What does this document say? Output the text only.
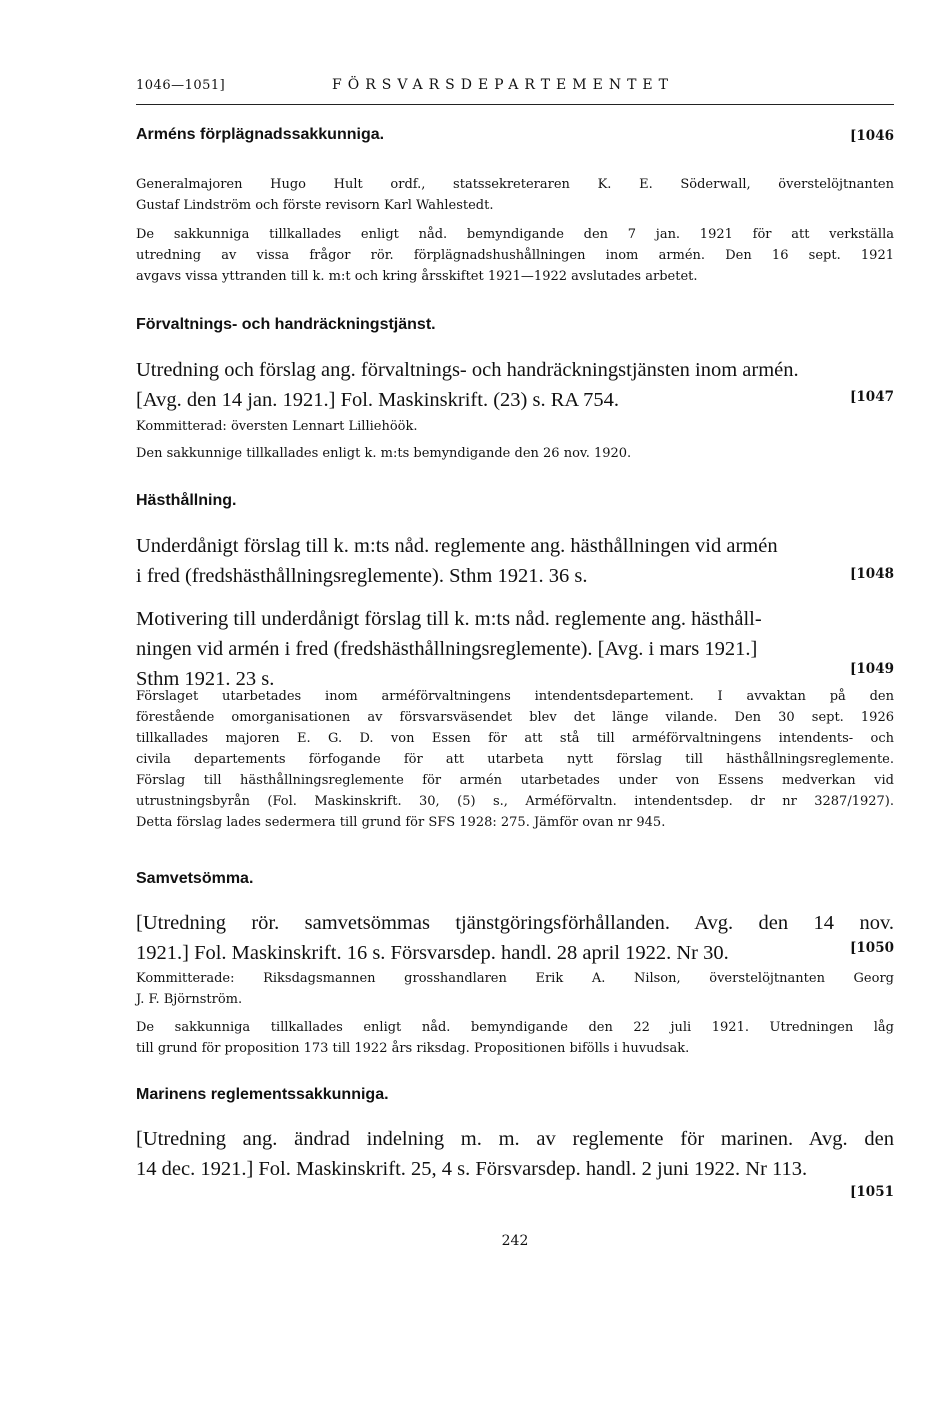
1046—1051]	FÖRSVARSDEPARTEMENTET
Arméns förplägnadssakkunniga.	[1046
Generalmajoren Hugo Hult ordf., statssekreteraren K. E. Söderwall, överstelöjtnanten
Gustaf Lindström och förste revisorn Karl Wahlestedt.
De sakkunniga tillkallades enligt nåd. bemyndigande den 7 jan. 1921 för att verkställa
utredning av vissa frågor rör. förplägnadshushållningen inom armén. Den 16 sept. 1921
avgavs vissa yttranden till k. m:t och kring årsskiftet 1921—1922 avslutades arbetet.
Förvaltnings- och handräckningstjänst.
Utredning och förslag ang. förvaltnings- och handräckningstjänsten inom armén.
[Avg. den 14 jan. 1921.] Fol. Maskinskrift. (23) s. RA 754.	[1047
Kommitterad: översten Lennart Lilliehöök.
Den sakkunnige tillkallades enligt k. m:ts bemyndigande den 26 nov. 1920.
Hästhållning.
Underdånigt förslag till k. m:ts nåd. reglemente ang. hästhållningen vid armén
i fred (fredshästhållningsreglemente). Sthm 1921. 36 s.	[1048
Motivering till underdånigt förslag till k. m:ts nåd. reglemente ang. hästhåll-
ningen vid armén i fred (fredshästhållningsreglemente). [Avg. i mars 1921.]
Sthm 1921. 23 s.	[1049
Förslaget utarbetades inom arméförvaltningens intendentsdepartement. I avvaktan på den
förestående omorganisationen av försvarsväsendet blev det länge vilande. Den 30 sept. 1926
tillkallades majoren E. G. D. von Essen för att stå till arméförvaltningens intendents- och
civila departements förfogande för att utarbeta nytt förslag till hästhållningsreglemente.
Förslag till hästhållningsreglemente för armén utarbetades under von Essens medverkan vid
utrustningsbyrån (Fol. Maskinskrift. 30, (5) s., Arméförvaltn. intendentsdep. dr nr 3287/1927).
Detta förslag lades sedermera till grund för SFS 1928: 275. Jämför ovan nr 945.
Samvetsömma.
[Utredning rör. samvetsömmas tjänstgöringsförhållanden. Avg. den 14 nov.
1921.] Fol. Maskinskrift. 16 s. Försvarsdep. handl. 28 april 1922. Nr 30.	[1050
Kommitterade: Riksdagsmannen grosshandlaren Erik A. Nilson, överstelöjtnanten Georg
J. F. Björnström.
De sakkunniga tillkallades enligt nåd. bemyndigande den 22 juli 1921. Utredningen låg
till grund för proposition 173 till 1922 års riksdag. Propositionen bifölls i huvudsak.
Marinens reglementssakkunniga.
[Utredning ang. ändrad indelning m. m. av reglemente för marinen. Avg. den
14 dec. 1921.] Fol. Maskinskrift. 25, 4 s. Försvarsdep. handl. 2 juni 1922. Nr 113.
[1051
242
